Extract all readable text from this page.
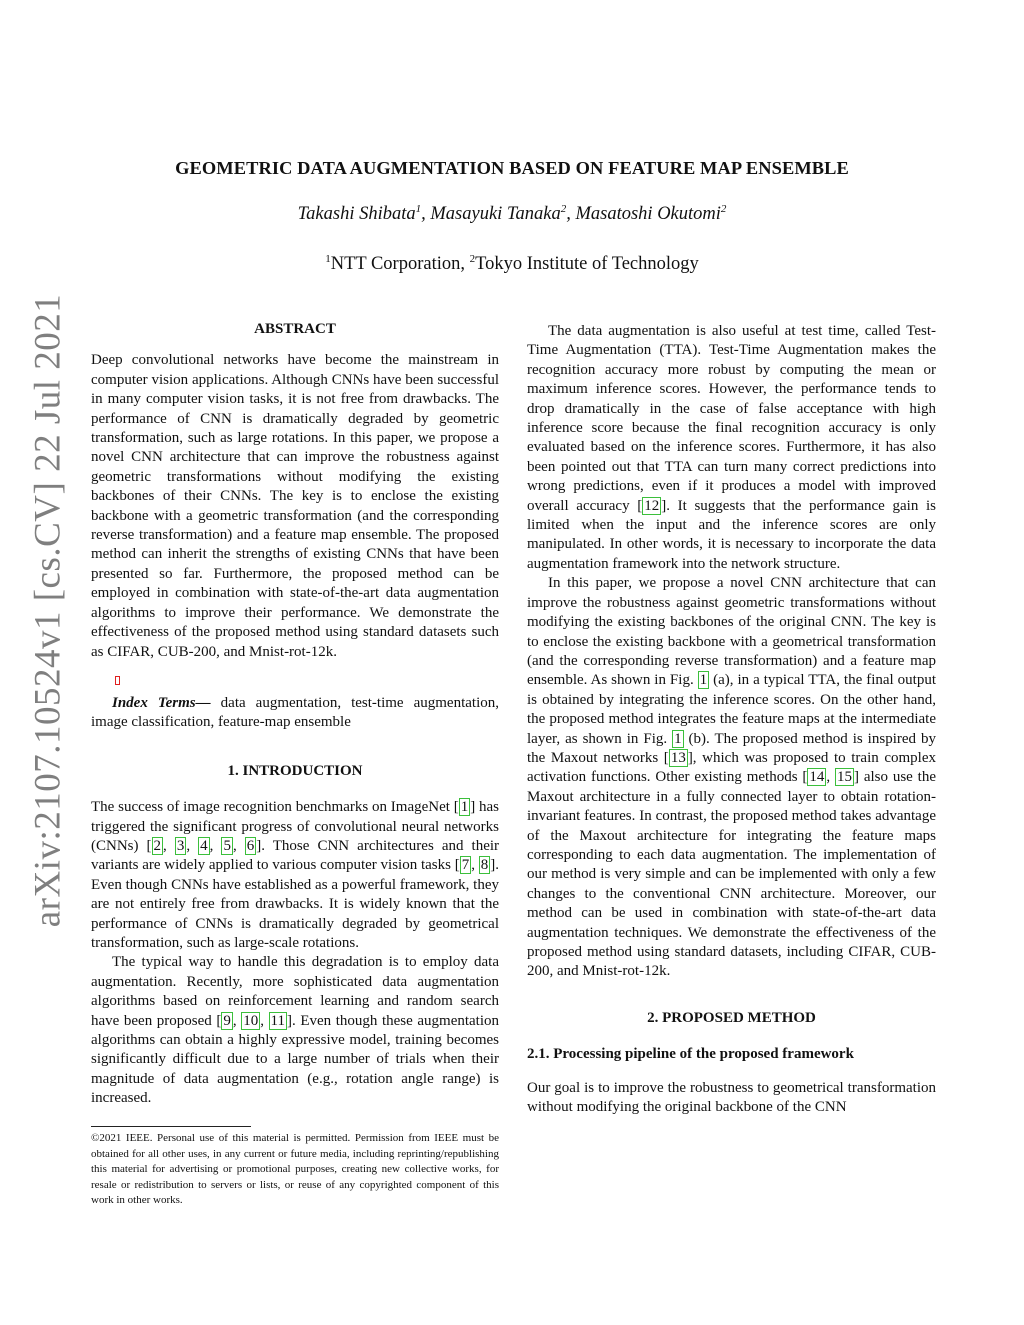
arXiv:2107.10524v1 [cs.CV] 22 Jul 2021
GEOMETRIC DATA AUGMENTATION BASED ON FEATURE MAP ENSEMBLE

Takashi Shibata$^1$, Masayuki Tanaka$^2$, Masatoshi Okutomi$^2$

$^1$NTT Corporation, $^2$Tokyo Institute of Technology

ABSTRACT

Deep convolutional networks have become the mainstream in computer vision applications. Although CNNs have been successful in many computer vision tasks, it is not free from drawbacks. The performance of CNN is dramatically degraded by geometric transformation, such as large rotations. In this paper, we propose a novel CNN architecture that can improve the robustness against geometric transformations without modifying the existing backbones of their CNNs. The key is to enclose the existing backbone with a geometric transformation (and the corresponding reverse transformation) and a feature map ensemble. The proposed method can inherit the strengths of existing CNNs that have been presented so far. Furthermore, the proposed method can be employed in combination with state-of-the-art data augmentation algorithms to improve their performance. We demonstrate the effectiveness of the proposed method using standard datasets such as CIFAR, CUB-200, and Mnist-rot-12k.

Index Terms— data augmentation, test-time augmentation, image classification, feature-map ensemble

1. INTRODUCTION

The success of image recognition benchmarks on ImageNet [ 1 ] has triggered the significant progress of convolutional neural networks (CNNs) [ 2 , 3 , 4 , 5 , 6 ]. Those CNN architectures and their variants are widely applied to various computer vision tasks [ 7 , 8 ]. Even though CNNs have established as a powerful framework, they are not entirely free from drawbacks. It is widely known that the performance of CNNs is dramatically degraded by geometrical transformation, such as large-scale rotations.

The typical way to handle this degradation is to employ data augmentation. Recently, more sophisticated data augmentation algorithms based on reinforcement learning and random search have been proposed [ 9 , 10 , 11 ]. Even though these augmentation algorithms can obtain a highly expressive model, training becomes significantly difficult due to a large number of trials when their magnitude of data augmentation (e.g., rotation angle range) is increased.

©2021 IEEE. Personal use of this material is permitted. Permission from IEEE must be obtained for all other uses, in any current or future media, including reprinting/republishing this material for advertising or promotional purposes, creating new collective works, for resale or redistribution to servers or lists, or reuse of any copyrighted component of this work in other works.

The data augmentation is also useful at test time, called Test-Time Augmentation (TTA). Test-Time Augmentation makes the recognition accuracy more robust by computing the mean or maximum inference scores. However, the performance tends to drop dramatically in the case of false acceptance with high inference score because the final recognition accuracy is only evaluated based on the inference scores. Furthermore, it has also been pointed out that TTA can turn many correct predictions into wrong predictions, even if it produces a model with improved overall accuracy [ 12 ]. It suggests that the performance gain is limited when the input and the inference scores are only manipulated. In other words, it is necessary to incorporate the data augmentation framework into the network structure.

In this paper, we propose a novel CNN architecture that can improve the robustness against geometric transformations without modifying the existing backbones of the original CNN. The key is to enclose the existing backbone with a geometrical transformation (and the corresponding reverse transformation) and a feature map ensemble. As shown in Fig. 1 (a), in a typical TTA, the final output is obtained by integrating the inference scores. On the other hand, the proposed method integrates the feature maps at the intermediate layer, as shown in Fig. 1 (b). The proposed method is inspired by the Maxout networks [ 13 ], which was proposed to train complex activation functions. Other existing methods [ 14 , 15 ] also use the Maxout architecture in a fully connected layer to obtain rotation-invariant features. In contrast, the proposed method takes advantage of the Maxout architecture for integrating the feature maps corresponding to each data augmentation. The implementation of our method is very simple and can be implemented with only a few changes to the conventional CNN architecture. Moreover, our method can be used in combination with state-of-the-art data augmentation techniques. We demonstrate the effectiveness of the proposed method using standard datasets, including CIFAR, CUB-200, and Mnist-rot-12k.

2. PROPOSED METHOD
2.1. Processing pipeline of the proposed framework

Our goal is to improve the robustness to geometrical transformation without modifying the original backbone of the CNN
